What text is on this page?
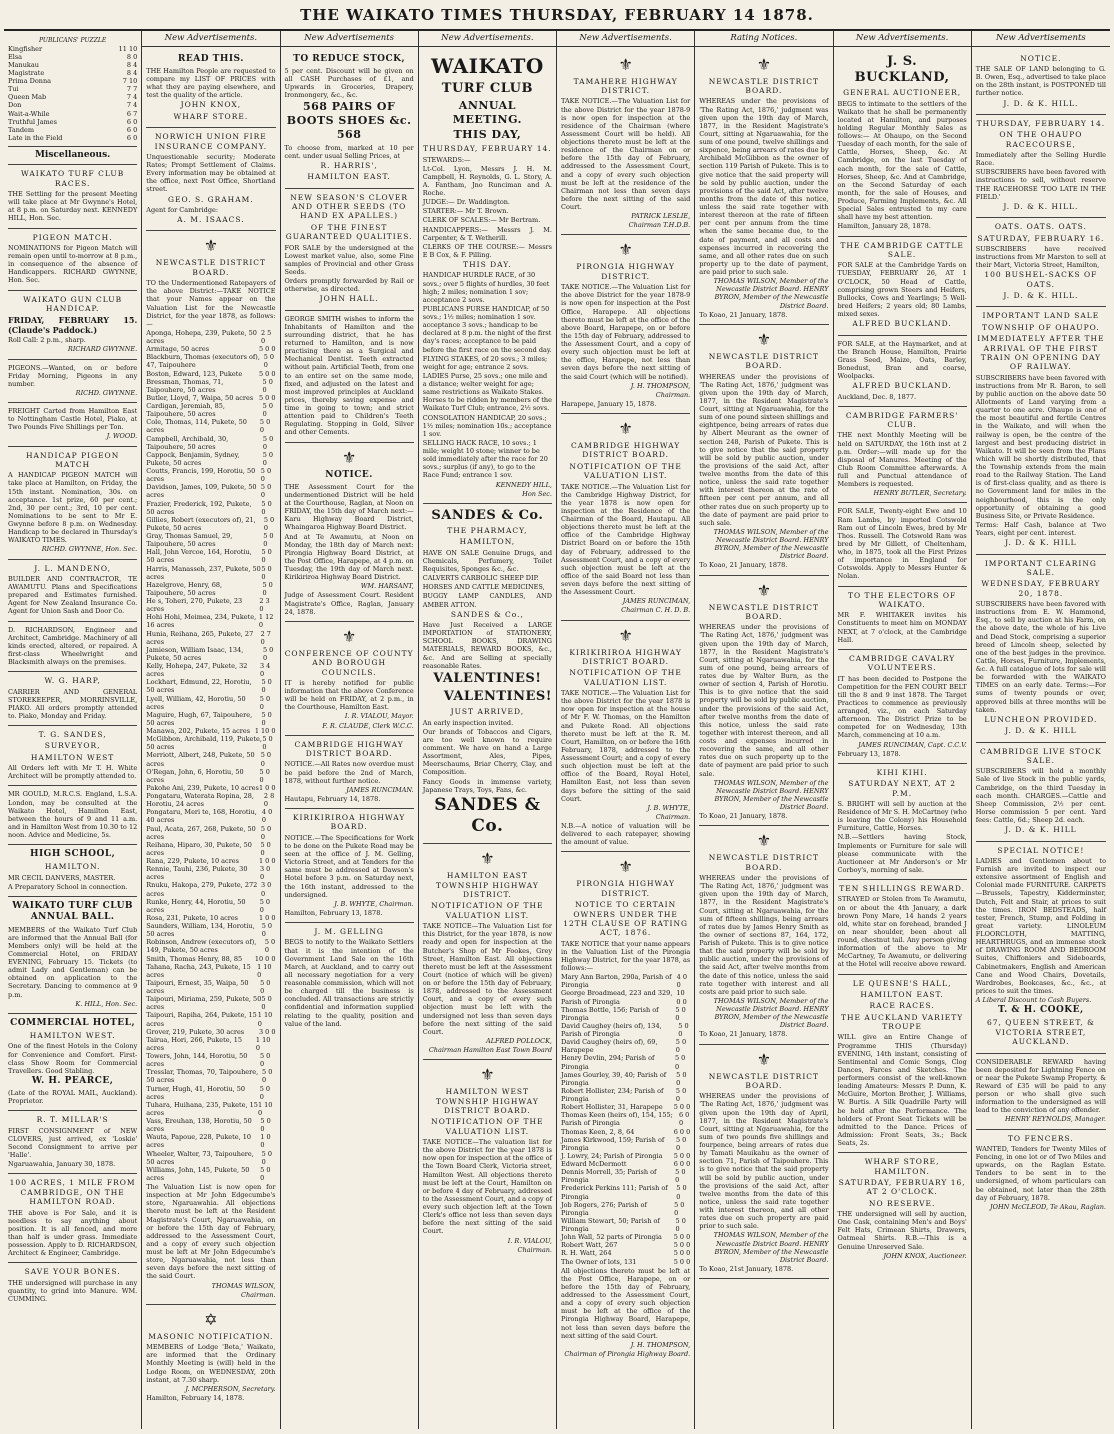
THE WAIKATO TIMES THURSDAY, FEBRUARY 14 1878.
PUBLICANS' PUZZLE
Kingfisher	11 10
Elsa	8 0
Manukau	8 4
Magistrate	8 4
Prima Donna	7 10
Tui	7 7
Queen Mab	7 4
Don	7 4
Wait-a-While	6 7
Truthful James	6 0
Tandem	6 0
Late in the Field	6 0
Miscellaneous.
WAIKATO TURF CLUB RACES.

THE Settling for the present Meeting will take place at Mr Gwynne's Hotel, at 8 p.m. on Saturday next. KENNEDY HILL, Hon. Sec.

PIGEON MATCH.

NOMINATIONS for Pigeon Match will remain open until to-morrow at 8 p.m., in consequence of the absence of Handicappers. RICHARD GWYNNE, Hon. Sec.

WAIKATO GUN CLUB HANDICAP.

FRIDAY, FEBRUARY 15. (Claude's Paddock.)

Roll Call: 2 p.m., sharp.

RICHARD GWYNNE.

PIGEONS.—Wanted, on or before Friday Morning, Pigeons in any number.

RICHD. GWYNNE.

FREIGHT Carted from Hamilton East to Nottingham Castle Hotel, Piako, at Two Pounds Five Shillings per Ton.

J. WOOD.

HANDICAP PIGEON MATCH

A HANDICAP PIGEON MATCH will take place at Hamilton, on Friday, the 15th instant. Nomination, 30s. on acceptance. 1st prize, 60 per cent.; 2nd, 30 per cent.; 3rd, 10 per cent. Nominations to be sent to Mr E. Gwynne before 8 p.m. on Wednesday. Handicap to be declared in Thursday's WAIKATO TIMES.

RICHD. GWYNNE, Hon. Sec.

J. L. MANDENO,

BUILDER AND CONTRACTOR, TE AWAMUTU. Plans and Specifications prepared and Estimates furnished. Agent for New Zealand Insurance Co. Agent for Union Sash and Door Co.

D. RICHARDSON, Engineer and Architect, Cambridge. Machinery of all kinds erected, altered, or repaired. A first-class Wheelwright and Blacksmith always on the premises.

W. G. HARP,

CARRIER AND GENERAL STOREKEEPER, MORRINSVILLE, PIAKO. All orders promptly attended to. Piako, Monday and Friday.

T. G. SANDES,
SURVEYOR,
HAMILTON WEST

All Orders left with Mr T. H. White Architect will be promptly attended to.

MR GOULD, M.R.C.S. England, L.S.A. London, may be consulted at the Waikato Hotel, Hamilton East, between the hours of 9 and 11 a.m. and in Hamilton West from 10.30 to 12 noon. Advice and Medicine, 5s.

HIGH SCHOOL,
HAMILTON.

MR CECIL DANVERS, MASTER.

A Preparatory School in connection.

WAIKATO TURF CLUB ANNUAL BALL.

MEMBERS of the Waikato Turf Club are informed that the Annual Ball (for Members only) will be held at the Commercial Hotel, on FRIDAY EVENING, February 15. Tickets (to admit Lady and Gentleman) can be obtained on application to the Secretary. Dancing to commence at 9 p.m.

K. HILL, Hon. Sec.

COMMERCIAL HOTEL,
HAMILTON WEST.

One of the finest Hotels in the Colony for Convenience and Comfort. First-class Show Room for Commercial Travellers. Good Stabling.

W. H. PEARCE,

(Late of the ROYAL MAIL, Auckland). Proprietor.

R. T. MILLAR'S

FIRST CONSIGNMENT of NEW CLOVERS, just arrived, ex 'Loskie' Second Consignment to arrive per 'Halle'.

Ngaruawahia, January 30, 1878.

100 ACRES, 1 MILE FROM CAMBRIDGE, ON THE HAMILTON ROAD.

THE above is For Sale, and it is needless to say anything about position. It is all fenced, and more than half is under grass. Immediate possession. Apply to D. RICHARDSON, Architect & Engineer, Cambridge.

SAVE YOUR BONES.

THE undersigned will purchase in any quantity, to grind into Manure. WM. CUMMING.

New Advertisements.
READ THIS.

THE Hamilton People are requested to compare my LIST OF PRICES with what they are paying elsewhere, and test the quality of the article.

JOHN KNOX,
WHARF STORE.
NORWICH UNION FIRE INSURANCE COMPANY.

Unquestionable security; Moderate Rates; Prompt Settlement of Claims. Every information may be obtained at the office, next Post Office, Shortland street.

GEO. S. GRAHAM.

Agent for Cambridge:

A. M. ISAACS.
⚜
NEWCASTLE DISTRICT BOARD.

TO the Undermentioned Ratepayers of the above District:—TAKE NOTICE that your Names appear on the Valuation List for the Newcastle District, for the year 1878, as follows:—

Aponga, Hohepa, 239, Pukete, 50 acres
2 5 0
Armitage, 50 acres	5 0 0
Blackburn, Thomas (executors of), 47, Taipouhere
5 0 0
Boston, Edward, 123, Pukete	5 0 0
Bressman, Thomas, 71, Taipouhere, 50 acres
5 0 0
Butler, Lloyd, 7, Waipa, 50 acres 5 0 0
Cardigan, Jeremiah, 85, Taipouhere, 50 acres
5 0 0
Cole, Thomas, 114, Pukete, 50 acres
5 0 0
Campbell, Archibald, 30, Taipouhere, 50 acres
5 0 0
Cappock, Benjamin, Sydney, Pukete, 50 acres
5 0 0
Coutts, Francis, 199, Horotiu, 50 acres
5 0 0
Davidson, James, 109, Pukete, 50 acres
5 0 0
Frazier, Frederick, 192, Pukete, 50 acres
5 0 0
Gillies, Robert (executors of), 21, Pukete, 50 acres
5 0 0
Gray, Thomas Samuel, 29, Taipouhere, 50 acres
5 0 0
Hall, John Vercoe, 164, Horotiu, 50 acres
5 0 0
Harris, Manasseh, 237, Pukete, 50 acres
5 0 0
Hazelgrove, Henry, 68, Taipouhere, 50 acres
5 0 0
He s, Toheri, 270, Pukete, 23 acres
2 3 0
Hohi Hohi, Meimea, 234, Pukete, 16 acres
1 12 0
Hunia, Reihana, 265, Pukete, 27 acres
2 7 0
Jamieson, William Isaac, 134, Pukete, 50 acres
5 0 0
Kelly, Hohepa, 247, Pukete, 32 acres
3 4 0
Lockhart, Edmund, 22, Horotiu, 50 acres
5 0 0
Lyell, William, 42, Horotiu, 50 acres
5 0 0
Maguire, Hugh, 67, Taipouhere, 50 acres
5 0 0
Manawa, 202, Pukete, 15 acres 1 10 0
McGibbon, Archibald, 119, Pukete, 50 acres
5 0 0
Merriott, Albert, 248, Pukete, 50 acres
5 0 0
O'Regan, John, 6, Horotiu, 50 acres
5 0 0
Pakohe Ani, 239, Pukete, 10 acres 1 0 0
Pongataru, Waterata Ropina, 28, Horotiu, 24 acres
2 8 0
Pongataru, Meri te, 168, Horotiu, 40 acres
4 0 0
Paul, Acata, 267, 268, Pukete, 50 acres
5 0 0
Reihana, Hiparo, 30, Pukete, 50 acres
5 0 0
Rana, 229, Pukete, 10 acres	1 0 0
Rennie, Tauhi, 236, Pukete, 30 acres
3 0 0
Rnuku, Hakopa, 279, Pukete, 272 acres
3 0 0
Runke, Henry, 44, Horotiu, 50 acres
5 0 0
Rosa, 231, Pukete, 10 acres	1 0 0
Saunders, William, 134, Horotiu, 50 acres
5 0 0
Robinson, Andrew (executors of), 149, Pukete, 50 acres
5 0 0
Smith, Thomas Henry, 88, 85 10 0 0
Tahana, Racha, 243, Pukete, 15 acres
1 10 0
Taipouri, Ernest, 35, Waipa, 50 acres
5 0 0
Taipouri, Miriama, 259, Pukete, 50 acres
5 0 0
Taipouri, Rapiha, 264, Pukete, 15 acres
1 10 0
Grover, 219, Pukete, 30 acres 3 0 0
Tairua, Hori, 266, Pukete, 15 acres
1 10 0
Towers, John, 144, Horotiu, 50 acres
5 0 0
Tresslar, Thomas, 70, Taipouhere, 50 acres
5 0 0
Turner, Hugh, 41, Horotiu, 50 acres
5 0 0
Tuhara, Huihana, 235, Pukete, 15 acres
1 10 0
Vass, Ereuhan, 138, Horotiu, 50 acres
5 0 0
Wauta, Papoue, 228, Pukete, 10 acres
1 0 0
Wheeler, Walter, 73, Taipouhere, 50 acres
5 0 0
Williams, John, 145, Pukete, 50 acres
5 0 0

The Valuation List is now open for inspection at Mr John Edgecumbe's store, Ngaruawahia. All objections thereto must be left at the Resident Magistrate's Court, Ngaruawahia, on or before the 15th day of February, addressed to the Assessment Court, and a copy of every such objection must be left at Mr John Edgecumbe's store, Ngaruawahia, not less than seven days before the next sitting of the said Court.

THOMAS WILSON,

Chairman.

✡
MASONIC NOTIFICATION.

MEMBERS of Lodge 'Beta,' Waikato, are informed that the Ordinary Monthly Meeting is (will) held in the Lodge Room, on WEDNESDAY, 20th instant, at 7.30 sharp.

J. MCPHERSON, Secretary.

Hamilton, February 14, 1878.

New Advertisements
TO REDUCE STOCK,

5 per cent. Discount will be given on all CASH Purchases of £1, and Upwards in Groceries, Drapery, Ironmongery, &c., &c.

568 PAIRS OF BOOTS SHOES &c. 568

To choose from, marked at 10 per cent. under usual Selling Prices, at

R. HARRIS',
HAMILTON EAST.
NEW SEASON'S CLOVER AND OTHER SEEDS (TO HAND EX APALLES.)
OF THE FINEST GUARANTEED QUALITIES.

FOR SALE by the undersigned at the Lowest market value, also, some Fine samples of Provincial and other Grass Seeds.

Orders promptly forwarded by Rail or otherwise, as directed.

JOHN HALL.

GEORGE SMITH wishes to inform the Inhabitants of Hamilton and the surrounding district, that he has returned to Hamilton, and is now practising there as a Surgical and Mechanical Dentist. Teeth extracted without pain. Artificial Teeth, from one to an entire set on the same mode, fixed, and adjusted on the latest and most improved principles at Auckland prices, thereby saving expense and time in going to town; and strict attention paid to Children's Teeth Regulating. Stopping in Gold, Silver and other Cements.

⚜
NOTICE.

THE Assessment Court for the undermentioned District will be held at the Courthouse, Raglan, at Noon on FRIDAY, the 15th day of March next:— Karu Highway Board District, Whaingaroa Highway Board District.

And at Te Awamutu, at Noon on Monday, the 18th day of March next: Pirongia Highway Board District, at the Post Office, Harapepe, at 4 p.m. on Tuesday, the 19th day of March next. Kirikiriroa Highway Board District.

WM. HARSANT,

Judge of Assessment Court. Resident Magistrate's Office, Raglan, January 24, 1878.

⚜
CONFERENCE OF COUNTY AND BOROUGH COUNCILS.

IT is hereby notified for public information that the above Conference will be held on FRIDAY, at 2 p.m., in the Courthouse, Hamilton East.

I. R. VIALOU, Mayor.

F. R. CLAUDE, Clerk W.C.C.

CAMBRIDGE HIGHWAY DISTRICT BOARD.

NOTICE.—All Rates now overdue must be paid before the 2nd of March, 1878, without further notice.

JAMES RUNCIMAN.

Hautapu, February 14, 1878.

KIRIKIRIROA HIGHWAY BOARD.

NOTICE.—The Specifications for Work to be done on the Pukete Road may be seen at the office of J. M. Gelling, Victoria Street, and at Tenders for the same must be addressed at Dawson's Hotel before 3 p.m. on Saturday next, the 16th instant, addressed to the undersigned.

J. B. WHYTE, Chairman.

Hamilton, February 13, 1878.

J. M. GELLING

BEGS to notify to the Waikato Settlers that it is the intention of the Government Land Sale on the 16th March, at Auckland, and to carry out all necessary negotiation for a very reasonable commission, which will not be charged till the business is concluded. All transactions are strictly confidential and information supplied relating to the quality, position and value of the land.

New Advertisements.
WAIKATO
TURF CLUB
ANNUAL MEETING.
THIS DAY,
THURSDAY, FEBRUARY 14.

STEWARDS:—

Lt-Col. Lyon, Messrs J. H. M. Campbell, H. Reynolds, G. L. Story, A. A. Fantham, Jno Runciman and A. Roche.

JUDGE:— Dr. Waddington.

STARTER:— Mr T. Brown.

CLERK OF SCALES:— Mr Bertram.

HANDICAPPERS:— Messrs J. M. Carpenter, & T. Wetherill.

CLERKS OF THE COURSE:— Messrs E B Cox, & F. Pilling.

THIS DAY.
HANDICAP HURDLE RACE, of 30 sovs.; over 5 flights of hurdles, 30 feet high; 2 miles; nomination 1 sov; acceptance 2 sovs.
PUBLICANS PURSE HANDICAP, of 50 sovs.; 1½ miles; nomination 1 sov. acceptance 3 sovs.; handicap to be declared at 8 p.m. the night of the first day's races; acceptance to be paid before the first race on the second day.
FLYING STAKES, of 20 sovs.; 3 miles; weight for age; entrance 2 sovs.
LADIES Purse, 25 sovs.; one mile and a distance; welter weight for age; same restrictions as Waikato Stakes. Horses to be ridden by members of the Waikato Turf Club; entrance, 2½ sovs.
CONSOLATION HANDICAP, 20 sovs.; 1½ miles; nomination 10s.; acceptance 1 sov.
SELLING HACK RACE, 10 sovs.; 1 mile; weight 10 stone; winner to be sold immediately after the race for 20 sovs.; surplus (if any), to go to the Race Fund; entrance 1 sov.

KENNEDY HILL,

Hon Sec.

SANDES & Co.
THE PHARMACY,
HAMILTON,

HAVE ON SALE Genuine Drugs, and Chemicals, Perfumery, Toilet Requisites, Sponges &c., &c.

CALVERTS CARBOLIC SHEEP DIP.

HORSES AND CATTLE MEDICINES,

BUGGY LAMP CANDLES, AND AMBER ATTON.

SANDES & Co.,

Have Just Received a LARGE IMPORTATION of STATIONERY, SCHOOL BOOKS, DRAWING MATERIALS, REWARD BOOKS, &c., &c. And are Selling at specially reasonable Rates.

VALENTINES!
VALENTINES!
JUST ARRIVED,

An early inspection invited.

Our brands of Tobaccos and Cigars, are too well known to require comment. We have on hand a Large Assortment, Ales, Pipes, Meerschaums, Briar Cherry, Clay, and Composition.

Fancy Goods in immense variety, Japanese Trays, Toys, Fans, &c.

SANDES & Co.
⚜
HAMILTON EAST TOWNSHIP HIGHWAY DISTRICT.
NOTIFICATION OF THE VALUATION LIST.

TAKE NOTICE—The Valuation List for this District, for the year 1878, is now ready and open for inspection at the Butcher's Shop of Mr Fookes, Grey Street, Hamilton East. All objections thereto must be left at the Assessment Court (notice of which will be given) on or before the 15th day of February, 1878, addressed to the Assessment Court, and a copy of every such objection must be left with the undersigned not less than seven days before the next sitting of the said Court.

ALFRED POLLOCK,

Chairman Hamilton East Town Board

⚜
HAMILTON WEST TOWNSHIP HIGHWAY DISTRICT BOARD.
NOTIFICATION OF THE VALUATION LIST.

TAKE NOTICE—The valuation list for the above District for the year 1878 is now open for inspection at the office of the Town Board Clerk, Victoria street, Hamilton West. All objections thereto must be left at the Court, Hamilton on or before 4 day of February, addressed to the Assessment Court, and a copy of every such objection left at the Town Clerk's office not less than seven days before the next sitting of the said Court.

I. R. VIALOU,

Chairman.

New Advertisements.
⚜
TAMAHERE HIGHWAY DISTRICT.

TAKE NOTICE.—The Valuation List for the above District for the year 1878-9 is now open for inspection at the residence of the Chairman (where Assessment Court will be held). All objections thereto must be left at the residence of the Chairman on or before the 15th day of February, addressed to the Assessment Court, and a copy of every such objection must be left at the residence of the Chairman not less than seven days before the next sitting of the said Court.

PATRICK LESLIE,

Chairman T.H.D.B.

⚜
PIRONGIA HIGHWAY DISTRICT.

TAKE NOTICE.—The Valuation List for the above District for the year 1878-9 is now open for inspection at the Post Office, Harapepe. All objections thereto must be left at the office of the above Board, Harapepe, on or before the 15th day of February, addressed to the Assessment Court, and a copy of every such objection must be left at the office, Harapepe, not less than seven days before the next sitting of the said Court (which will be notified).

J. H. THOMPSON,

Chairman.

Harapepe, January 15, 1878.

⚜
CAMBRIDGE HIGHWAY DISTRICT BOARD.
NOTIFICATION OF THE VALUATION LIST.

TAKE NOTICE.—The Valuation List for the Cambridge Highway District, for the year 1878 is now open for inspection at the Residence of the Chairman of the Board, Hautapu. All objections thereto must be left at the office of the Cambridge Highway District Board on or before the 15th day of February, addressed to the Assessment Court, and a copy of every such objection must be left at the office of the said Board not less than seven days before the next sitting of the Assessment Court.

JAMES RUNCIMAN,

Chairman C. H. D. B.

⚜
KIRIKIRIROA HIGHWAY DISTRICT BOARD.
NOTIFICATION OF THE VALUATION LIST.

TAKE NOTICE.—The Valuation List for the above District for the year 1878 is now open for inspection at the house of Mr F. W. Thomas, on the Hamilton and Pukete Road. All objections thereto must be left at the R. M. Court, Hamilton, on or before the 16th February, 1878, addressed to the Assessment Court; and a copy of every such objection must be left at the office of the Board, Royal Hotel, Hamilton East, not less than seven days before the sitting of the said Court.

J. B. WHYTE,

Chairman.

N.B.—A notice of valuation will be delivered to each ratepayer, showing the amount of value.

⚜
PIRONGIA HIGHWAY DISTRICT.
NOTICE TO CERTAIN OWNERS UNDER THE 12TH CLAUSE OF RATING ACT, 1876.

TAKE NOTICE that your name appears in the Valuation List of the Pirongia Highway District, for the year 1878, as follows:—

Mary Ann Barton, 290a, Parish of Pirongia
4 0 0
George Broadmead, 223 and 329, Parish of Pirongia
10 0 0
Thomas Bottle, 156; Parish of Pirongia
5 0 0
David Caughey (heirs of), 134, Parish of Pirongia
5 0 0
David Caughey (heirs of), 69, Harapepe
5 0 0
Henry Devlin, 294; Parish of Pirongia
5 0 0
James Gourley, 39, 40; Parish of Pirongia
5 0 0
Robert Hollister, 234; Parish of Pirongia
5 0 0
Robert Hollister, 31, Harapepe 5 0 0
Thomas Keen (heirs of), 154, 155; Parish of Pirongia
6 0 0
Thomas Keen, 2, 8, 64	6 0 0
James Kirkwood, 159; Parish of Pirongia
5 0 0
J. Lowry, 24; Parish of Pirongia 5 0 0
Edward McDermott	6 0 0
Dennis Morrell, 35; Parish of Pirongia
5 0 0
Frederick Perkins 111; Parish of Pirongia
5 0 0
Job Rogers, 276; Parish of Pirongia
5 0 0
William Stewart, 50; Parish of Pirongia
5 0 0
John Wall, 52 parts of Pirongia 5 0 0
Robert Watt, 267	5 0 0
R. H. Watt, 264	5 0 0
The Owner of lots, 131	5 0 0

All objections thereto must be left at the Post Office, Harapepe, on or before the 15th day of February, addressed to the Assessment Court, and a copy of every such objection must be left at the office of the Pirongia Highway Board, Harapepe, not less than seven days before the next sitting of the said Court.

J. H. THOMPSON,

Chairman of Pirongia Highway Board.

Rating Notices.
⚜
NEWCASTLE DISTRICT BOARD.

WHEREAS under the provisions of 'The Rating Act, 1876,' judgment was given upon the 19th day of March, 1877, in the Resident Magistrate's Court, sitting at Ngaruawahia, for the sum of one pound, twelve shillings and sixpence, being arrears of rates due by Archibald McGibbon as the owner of section 119 Parish of Pukete. This is to give notice that the said property will be sold by public auction, under the provisions of the said Act, after twelve months from the date of this notice, unless the said rate together with interest thereon at the rate of fifteen per cent per annum from the time when the same became due, to the date of payment, and all costs and expenses incurred in recovering the same, and all other rates due on such property up to the date of payment, are paid prior to such sale.

THOMAS WILSON, Member of the Newcastle District Board. HENRY BYRON, Member of the Newcastle District Board.

To Koao, 21 January, 1878.

⚜
NEWCASTLE DISTRICT BOARD.

WHEREAS under the provisions of 'The Rating Act, 1876,' judgment was given upon the 19th day of March, 1877, in the Resident Magistrate's Court, sitting at Ngaruawahia, for the sum of one pound sixteen shillings and eightpence, being arrears of rates due by Albert Meurant as the owner of section 248, Parish of Pukete. This is to give notice that the said property will be sold by public auction, under the provisions of the said Act, after twelve months from the date of this notice, unless the said rate together with interest thereon at the rate of fifteen per cent per annum, and all other rates due on such property up to the date of payment are paid prior to such sale.

THOMAS WILSON, Member of the Newcastle District Board. HENRY BYRON, Member of the Newcastle District Board.

To Koao, 21 January, 1878.

⚜
NEWCASTLE DISTRICT BOARD.

WHEREAS under the provisions of 'The Rating Act, 1876,' judgment was given upon the 19th day of March, 1877, in the Resident Magistrate's Court, sitting at Ngaruawahia, for the sum of one pound, being arrears of rates due by Walter Burn, as the owner of section 4, Parish of Horotiu. This is to give notice that the said property will be sold by public auction, under the provisions of the said Act, after twelve months from the date of this notice, unless the said rate together with interest thereon, and all costs and expenses incurred in recovering the same, and all other rates due on such property up to the date of payment are paid prior to such sale.

THOMAS WILSON, Member of the Newcastle District Board. HENRY BYRON, Member of the Newcastle District Board.

To Koao, 21 January, 1878.

⚜
NEWCASTLE DISTRICT BOARD.

WHEREAS under the provisions of 'The Rating Act, 1876,' judgment was given upon the 19th day of March, 1877, in the Resident Magistrate's Court, sitting at Ngaruawahia, for the sum of fifteen shillings, being arrears of rates due by James Henry Smith as the owner of sections 87, 164, 172, Parish of Pukete. This is to give notice that the said property will be sold by public auction, under the provisions of the said Act, after twelve months from the date of this notice, unless the said rate together with interest and all costs are paid prior to such sale.

THOMAS WILSON, Member of the Newcastle District Board. HENRY BYRON, Member of the Newcastle District Board.

To Koao, 21 January, 1878.

⚜
NEWCASTLE DISTRICT BOARD.

WHEREAS under the provisions of 'The Rating Act, 1876,' judgment was given upon the 19th day of April, 1877, in the Resident Magistrate's Court, sitting at Ngaruawahia, for the sum of two pounds five shillings and fourpence, being arrears of rates due by Tamati Mauikahu as the owner of section 71, Parish of Taipouhere. This is to give notice that the said property will be sold by public auction, under the provisions of the said Act, after twelve months from the date of this notice, unless the said rate together with interest thereon, and all other rates due on such property are paid prior to such sale.

THOMAS WILSON, Member of the Newcastle District Board. HENRY BYRON, Member of the Newcastle District Board.

To Koao, 21st January, 1878.

New Advertisements.
J. S. BUCKLAND,
GENERAL AUCTIONEER,

BEGS to intimate to the settlers of the Waikato that he shall be permanently located at Hamilton, and purposes holding Regular Monthly Sales as follows:— At Ohaupo, on the Second Tuesday of each month, for the sale of Cattle, Horses, Sheep, &c. At Cambridge, on the last Tuesday of each month, for the sale of Cattle, Horses, Sheep, &c. And at Cambridge, on the Second Saturday of each month, for the sale of Houses, and Produce, Farming Implements, &c. All Special Sales entrusted to my care shall have my best attention.

Hamilton, January 28, 1878.

THE CAMBRIDGE CATTLE SALE.

FOR SALE at the Cambridge Yards on TUESDAY, FEBRUARY 26, AT 1 O'CLOCK, 50 Head of Cattle, comprising grown Steers and Heifers, Bullocks, Cows and Yearlings; 5 Well-bred Heifers; 2 years old; 80 Lambs, mixed sexes.

ALFRED BUCKLAND.

FOR SALE, at the Haymarket, and at the Branch House, Hamilton, Prairie Grass Seed, Maize, Oats, Barley, Bonedust, Bran and coarse, Woolpacks.

ALFRED BUCKLAND.

Auckland, Dec. 8, 1877.

CAMBRIDGE FARMERS' CLUB.

THE next Monthly Meeting will be held on SATURDAY, the 16th inst at 2 p.m. Order:—will made up for the disposal of Manures. Meeting of the Club Room Committee afterwards. A full and Punctual attendance of Members is requested.

HENRY BUTLER, Secretary.

FOR SALE, Twenty-eight Ewe and 10 Ram Lambs, by imported Cotswold Ram out of Lincoln Ewes, bred by Mr Thos. Russell. The Cotswold Ram was bred by Mr Gillett, of Cheltenham, who, in 1875, took all the First Prizes of importance in England for Cotswolds. Apply to Messrs Hunter & Nolan.

TO THE ELECTORS OF WAIKATO.

MR F. WHITAKER invites his Constituents to meet him on MONDAY NEXT, at 7 o'clock, at the Cambridge Hall.

CAMBRIDGE CAVALRY VOLUNTEERS.

IT has been decided to Postpone the Competition for the FEN COURT BELT till the 8 and 9 inst 1878. The Target Practices to commence as previously arranged, viz., on each Saturday afternoon. The District Prize to be competed for on Wednesday, 13th March, commencing at 10 a.m.

JAMES RUNCIMAN, Capt. C.C.V.

February 13, 1878.

KIHI KIHI.
SATURDAY NEXT, AT 2 P.M.

S. BRIGHT will sell by auction at the Residence of Mr S. H. McCartney (who is leaving the Colony) his Household Furniture, Cattle, Horses.

N.B.—Settlers having Stock, Implements or Furniture for sale will please communicate with the Auctioneer at Mr Anderson's or Mr Corboy's, morning of sale.

TEN SHILLINGS REWARD.

STRAYED or Stolen from Te Awamutu, on or about the 4th January, a dark brown Pony Mare, 14 hands 2 years old, white star on forehead, branded J on near shoulder, been about all round, chestnut tail. Any person giving information of the above to Mr McCartney, Te Awamutu, or delivering at the Hotel will receive above reward.

LE QUESNE'S HALL,
HAMILTON EAST.
RACE RACES.
THE AUCKLAND VARIETY TROUPE

WILL give an Entire Change of Programme THIS (Thursday) EVENING, 14th instant, consisting of Sentimental and Comic Songs, Clog Dances, Farces and Sketches. The performers consist of the well-known leading Amateurs: Messrs P. Dunn, K. McGuire, Morton Brother, J. Williams, W. Burtis. A Silk Quadrille Party will be held after the Performance. The holders of Front Seat Tickets will be admitted to the Dance. Prices of Admission: Front Seats, 3s.; Back Seats, 2s.

WHARF STORE, HAMILTON.
SATURDAY, FEBRUARY 16, AT 2 O'CLOCK.
NO RESERVE.

THE undersigned will sell by auction, One Cask, containing Men's and Boys' Felt Hats, Crimean Shirts, Drawers, Oatmeal Shirts. R.B.—This is a Genuine Unreserved Sale.

JOHN KNOX, Auctioneer.

New Advertisements
NOTICE.

THE SALE OF LAND belonging to G. B. Owen, Esq., advertised to take place on the 28th instant, is POSTPONED till further notice.

J. D. & K. HILL.
THURSDAY, FEBRUARY 14.
ON THE OHAUPO RACECOURSE,

Immediately after the Selling Hurdle Race.

SUBSCRIBERS have been favored with instructions to sell, without reserve THE RACEHORSE 'TOO LATE IN THE FIELD.'

J. D. & K. HILL.
OATS. OATS. OATS.
SATURDAY, FEBRUARY 16.

SUBSCRIBERS have received instructions from Mr Marston to sell at their Mart, Victoria Street, Hamilton,

100 BUSHEL-SACKS OF OATS.
J. D. & K. HILL.
IMPORTANT LAND SALE
TOWNSHIP OF OHAUPO.
IMMEDIATELY AFTER THE ARRIVAL OF THE FIRST TRAIN ON OPENING DAY OF RAILWAY.

SUBSCRIBERS have been favored with instructions from Mr R. Baron, to sell by public auction on the above date 50 Allotments of Land varying from a quarter to one acre. Ohaupo is one of the most beautiful and fertile Centres in the Waikato, and will when the railway is open, be the centre of the largest and best producing district in Waikato. It will be seen from the Plans which will be shortly distributed, that the Township extends from the main road to the Railway Station. The Land is of first-class quality, and as there is no Government land for miles in the neighbourhood, this is the only opportunity of obtaining a good Business Site, or Private Residence.

Terms: Half Cash, balance at Two Years, eight per cent. interest.

J. D. & K. HILL
IMPORTANT CLEARING SALE.
WEDNESDAY, FEBRUARY 20, 1878.

SUBSCRIBERS have been favored with instructions from E. W. Hammond, Esq., to sell by auction at his Farm, on the above date, the whole of his Live and Dead Stock, comprising a superior breed of Lincoln sheep, selected by one of the best judges in the province. Cattle, Horses, Furniture, Implements, &c. A full catalogue of lots for sale will be forwarded with the WAIKATO TIMES on an early date. Terms:—For sums of twenty pounds or over, approved bills at three months will be taken.

LUNCHEON PROVIDED.
J. D. & K. HILL
CAMBRIDGE LIVE STOCK SALE.

SUBSCRIBERS will hold a monthly Sale of live Stock in the public yards, Cambridge, on the third Tuesday in each month. CHARGES.—Cattle and Sheep Commission, 2½ per cent. Horse commission 5 per cent. Yard fees: Cattle, 6d.; Sheep 2d. each.

J. D. & K. HILL
SPECIAL NOTICE!

LADIES and Gentlemen about to Furnish are invited to inspect our extensive assortment of English and Colonial made FURNITURE. CARPETS—Brussels, Tapestry, Kidderminster, Dutch, Felt and Stair, at prices to suit the times. IRON BEDSTEADS, half tester, French, Stump, and Folding in great variety. LINOLEUM FLOORCLOTH, MATTING, HEARTHRUGS, and an immense stock of DRAWING ROOM AND BEDROOM Suites, Chiffoniers and Sideboards, Cabinetmakers, English and American Cane and Wood Chairs, Dovetails, Wardrobes, Bookcases, &c., &c., at prices to suit the times.

A Liberal Discount to Cash Buyers.

T. & H. COOKE,
67, QUEEN STREET, & VICTORIA STREET, AUCKLAND.

CONSIDERABLE REWARD having been deposited for Lightning Fence on or near the Pukete Swamp Property. & Reward of £35 will be paid to any person or who shall give such information to the undersigned as will lead to the conviction of any offender.

HENRY REYNOLDS, Manager.

TO FENCERS.

WANTED, Tenders for Twenty Miles of Fencing, in one lot or of Two Miles and upwards, on the Raglan Estate. Tenders to be sent in to the undersigned, of whom particulars can be obtained, not later than the 28th day of February, 1878.

JOHN McCLEOD, Te Akau, Raglan.
